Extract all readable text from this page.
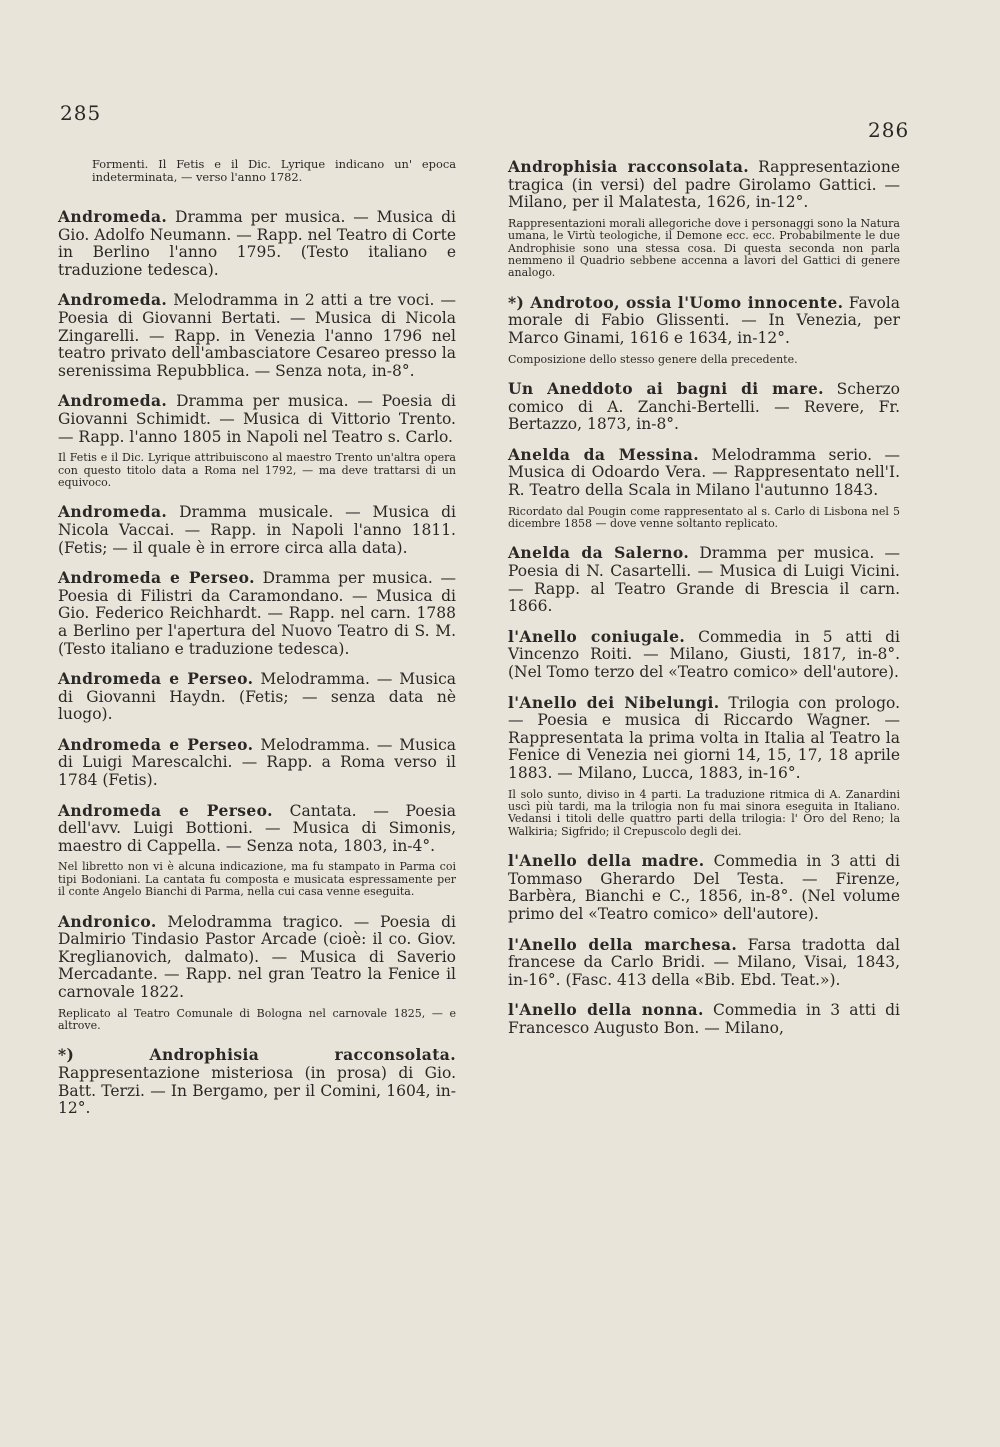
285
286
Formenti. Il Fetis e il Dic. Lyrique indicano un' epoca indeterminata, — verso l'anno 1782.
Andromeda. Dramma per musica. — Musica di Gio. Adolfo Neumann. — Rapp. nel Teatro di Corte in Berlino l'anno 1795. (Testo italiano e traduzione tedesca).
Andromeda. Melodramma in 2 atti a tre voci. — Poesia di Giovanni Bertati. — Musica di Nicola Zingarelli. — Rapp. in Venezia l'anno 1796 nel teatro privato dell'ambasciatore Cesareo presso la serenissima Repubblica. — Senza nota, in-8°.
Andromeda. Dramma per musica. — Poesia di Giovanni Schimidt. — Musica di Vittorio Trento. — Rapp. l'anno 1805 in Napoli nel Teatro s. Carlo.
Il Fetis e il Dic. Lyrique attribuiscono al maestro Trento un'altra opera con questo titolo data a Roma nel 1792, — ma deve trattarsi di un equivoco.
Andromeda. Dramma musicale. — Musica di Nicola Vaccai. — Rapp. in Napoli l'anno 1811. (Fetis; — il quale è in errore circa alla data).
Andromeda e Perseo. Dramma per musica. — Poesia di Filistri da Caramondano. — Musica di Gio. Federico Reichhardt. — Rapp. nel carn. 1788 a Berlino per l'apertura del Nuovo Teatro di S. M. (Testo italiano e traduzione tedesca).
Andromeda e Perseo. Melodramma. — Musica di Giovanni Haydn. (Fetis; — senza data nè luogo).
Andromeda e Perseo. Melodramma. — Musica di Luigi Marescalchi. — Rapp. a Roma verso il 1784 (Fetis).
Andromeda e Perseo. Cantata. — Poesia dell'avv. Luigi Bottioni. — Musica di Simonis, maestro di Cappella. — Senza nota, 1803, in-4°.
Nel libretto non vi è alcuna indicazione, ma fu stampato in Parma coi tipi Bodoniani. La cantata fu composta e musicata espressamente per il conte Angelo Bianchi di Parma, nella cui casa venne eseguita.
Andronico. Melodramma tragico. — Poesia di Dalmirio Tindasio Pastor Arcade (cioè: il co. Giov. Kreglianovich, dalmato). — Musica di Saverio Mercadante. — Rapp. nel gran Teatro la Fenice il carnovale 1822.
Replicato al Teatro Comunale di Bologna nel carnovale 1825, — e altrove.
*) Androphisia racconsolata. Rappresentazione misteriosa (in prosa) di Gio. Batt. Terzi. — In Bergamo, per il Comini, 1604, in-12°.
Androphisia racconsolata. Rappresentazione tragica (in versi) del padre Girolamo Gattici. — Milano, per il Malatesta, 1626, in-12°.
Rappresentazioni morali allegoriche dove i personaggi sono la Natura umana, le Virtù teologiche, il Demone ecc. ecc. Probabilmente le due Androphisie sono una stessa cosa. Di questa seconda non parla nemmeno il Quadrio sebbene accenna a lavori del Gattici di genere analogo.
*) Androtoo, ossia l'Uomo innocente. Favola morale di Fabio Glissenti. — In Venezia, per Marco Ginami, 1616 e 1634, in-12°.
Composizione dello stesso genere della precedente.
Un Aneddoto ai bagni di mare. Scherzo comico di A. Zanchi-Bertelli. — Revere, Fr. Bertazzo, 1873, in-8°.
Anelda da Messina. Melodramma serio. — Musica di Odoardo Vera. — Rappresentato nell'I. R. Teatro della Scala in Milano l'autunno 1843.
Ricordato dal Pougin come rappresentato al s. Carlo di Lisbona nel 5 dicembre 1858 — dove venne soltanto replicato.
Anelda da Salerno. Dramma per musica. — Poesia di N. Casartelli. — Musica di Luigi Vicini. — Rapp. al Teatro Grande di Brescia il carn. 1866.
l'Anello coniugale. Commedia in 5 atti di Vincenzo Roiti. — Milano, Giusti, 1817, in-8°. (Nel Tomo terzo del «Teatro comico» dell'autore).
l'Anello dei Nibelungi. Trilogia con prologo. — Poesia e musica di Riccardo Wagner. — Rappresentata la prima volta in Italia al Teatro la Fenice di Venezia nei giorni 14, 15, 17, 18 aprile 1883. — Milano, Lucca, 1883, in-16°.
Il solo sunto, diviso in 4 parti. La traduzione ritmica di A. Zanardini uscì più tardi, ma la trilogia non fu mai sinora eseguita in Italiano. Vedansi i titoli delle quattro parti della trilogia: l' Oro del Reno; la Walkiria; Sigfrido; il Crepuscolo degli dei.
l'Anello della madre. Commedia in 3 atti di Tommaso Gherardo Del Testa. — Firenze, Barbèra, Bianchi e C., 1856, in-8°. (Nel volume primo del «Teatro comico» dell'autore).
l'Anello della marchesa. Farsa tradotta dal francese da Carlo Bridi. — Milano, Visai, 1843, in-16°. (Fasc. 413 della «Bib. Ebd. Teat.»).
l'Anello della nonna. Commedia in 3 atti di Francesco Augusto Bon. — Milano,
